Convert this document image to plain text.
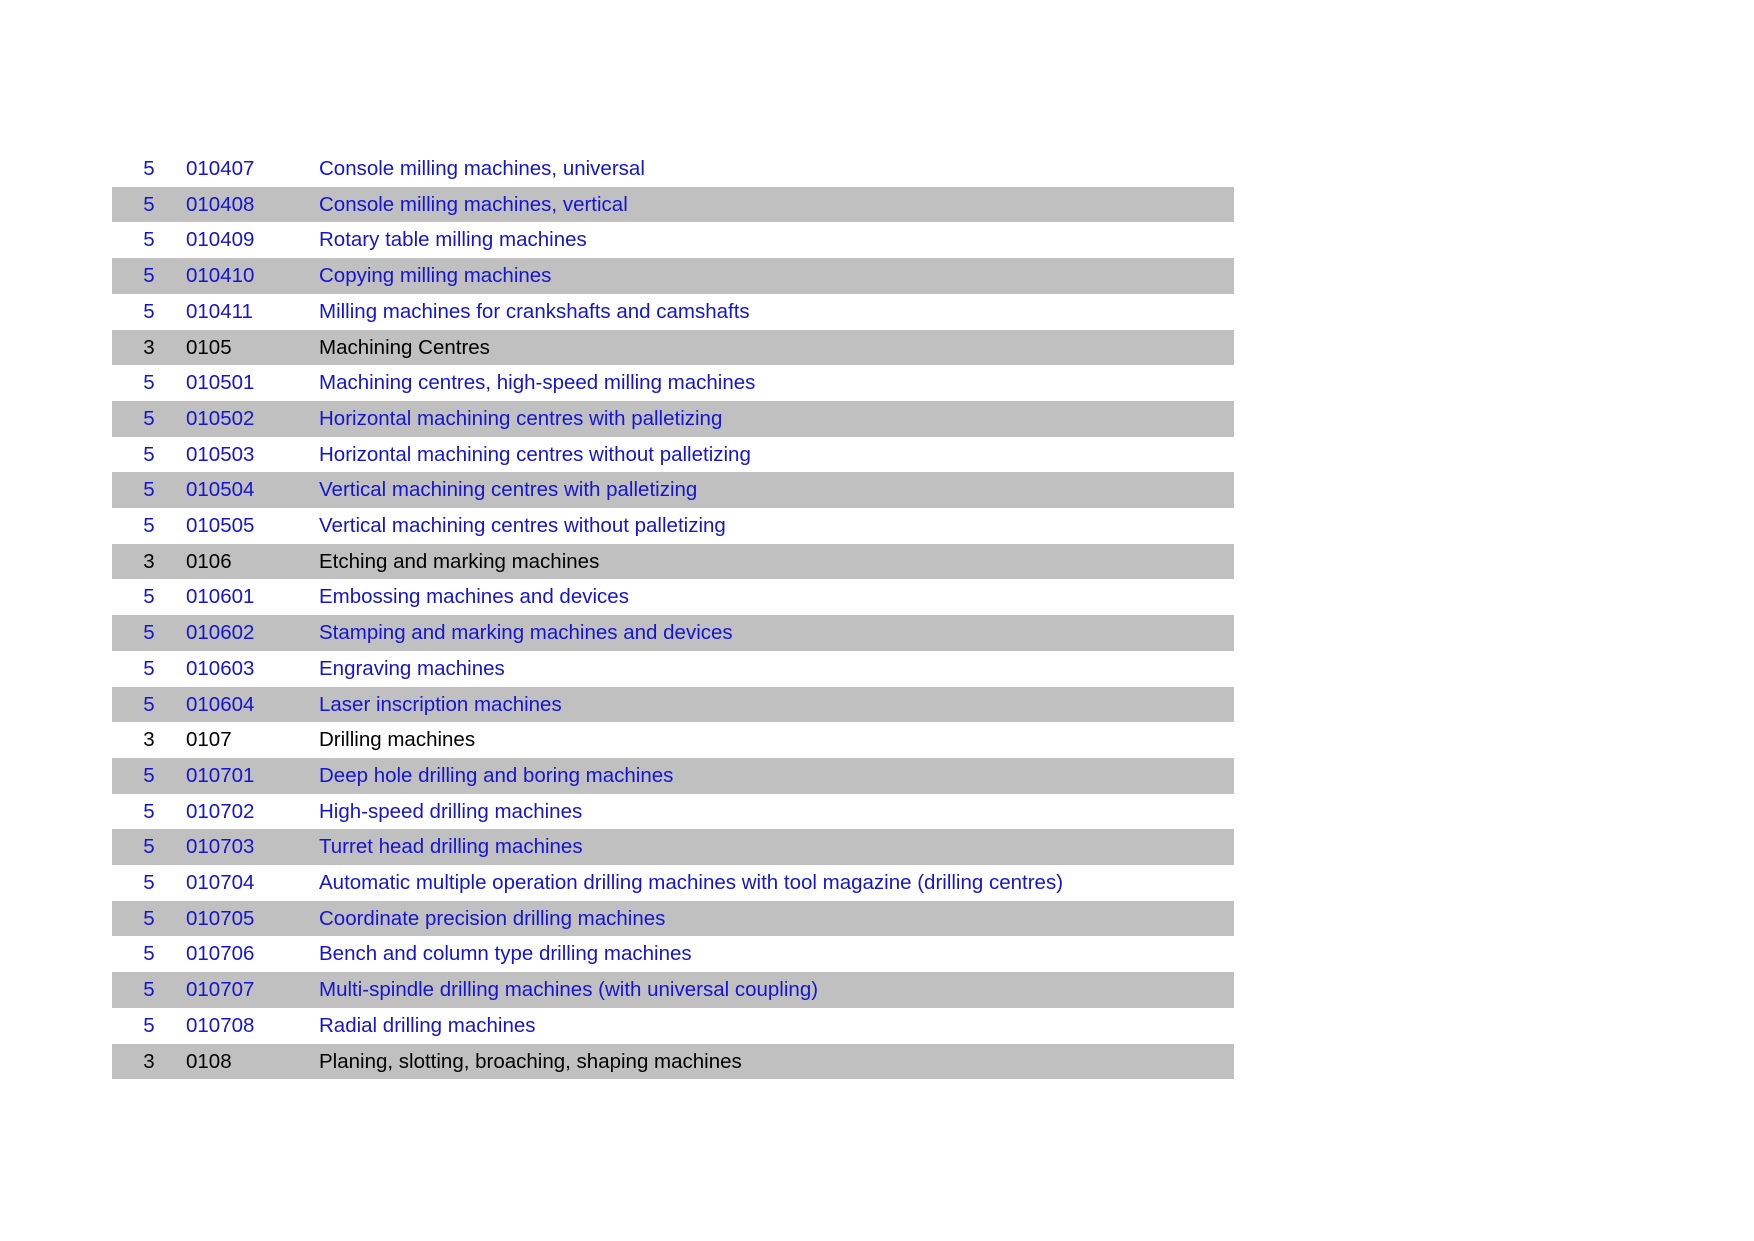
5	010407	Console milling machines, universal
5	010408	Console milling machines, vertical
5	010409	Rotary table milling machines
5	010410	Copying milling machines
5	010411	Milling machines for crankshafts and camshafts
3	0105	Machining Centres
5	010501	Machining centres, high-speed milling machines
5	010502	Horizontal machining centres with palletizing
5	010503	Horizontal machining centres without palletizing
5	010504	Vertical machining centres with palletizing
5	010505	Vertical machining centres without palletizing
3	0106	Etching and marking machines
5	010601	Embossing machines and devices
5	010602	Stamping and marking machines and devices
5	010603	Engraving machines
5	010604	Laser inscription machines
3	0107	Drilling machines
5	010701	Deep hole drilling and boring machines
5	010702	High-speed drilling machines
5	010703	Turret head drilling machines
5	010704	Automatic multiple operation drilling machines with tool magazine (drilling centres)
5	010705	Coordinate precision drilling machines
5	010706	Bench and column type drilling machines
5	010707	Multi-spindle drilling machines (with universal coupling)
5	010708	Radial drilling machines
3	0108	Planing, slotting, broaching, shaping machines
